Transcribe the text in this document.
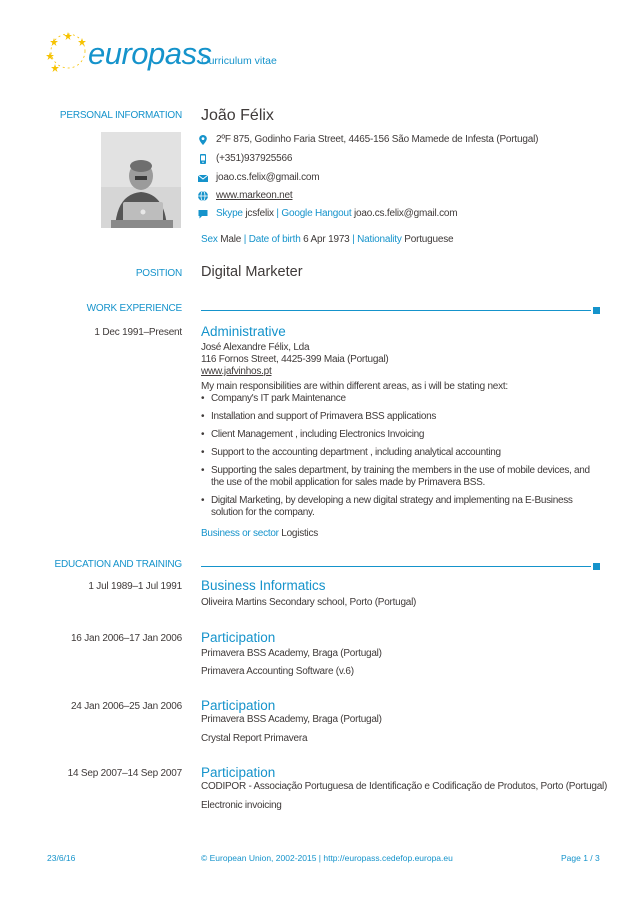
europass
Curriculum vitae
PERSONAL INFORMATION João Félix
2ºF 875, Godinho Faria Street, 4465-156 São Mamede de Infesta (Portugal)
(+351)937925566
joao.cs.felix@gmail.com
www.markeon.net
Skype jcsfelix | Google Hangout joao.cs.felix@gmail.com
Sex Male | Date of birth 6 Apr 1973 | Nationality Portuguese
POSITION Digital Marketer
WORK EXPERIENCE
1 Dec 1991–Present Administrative
José Alexandre Félix, Lda
116 Fornos Street, 4425-399 Maia (Portugal)
www.jafvinhos.pt
My main responsibilities are within different areas, as i will be stating next:
• Company's IT park Maintenance
• Installation and support of Primavera BSS applications
• Client Management , including Electronics Invoicing
• Support to the accounting department , including analytical accounting
• Supporting the sales department, by training the members in the use of mobile devices, and the use of the mobil application for sales made by Primavera BSS.
• Digital Marketing, by developing a new digital strategy and implementing na E-Business solution for the company.
Business or sector Logistics
EDUCATION AND TRAINING
1 Jul 1989–1 Jul 1991 Business Informatics
Oliveira Martins Secondary school, Porto (Portugal)
16 Jan 2006–17 Jan 2006 Participation
Primavera BSS Academy, Braga (Portugal)
Primavera Accounting Software (v.6)
24 Jan 2006–25 Jan 2006 Participation
Primavera BSS Academy, Braga (Portugal)
Crystal Report Primavera
14 Sep 2007–14 Sep 2007 Participation
CODIPOR - Associação Portuguesa de Identificação e Codificação de Produtos, Porto (Portugal)
Electronic invoicing
23/6/16	© European Union, 2002-2015 | http://europass.cedefop.europa.eu	Page 1 / 3
